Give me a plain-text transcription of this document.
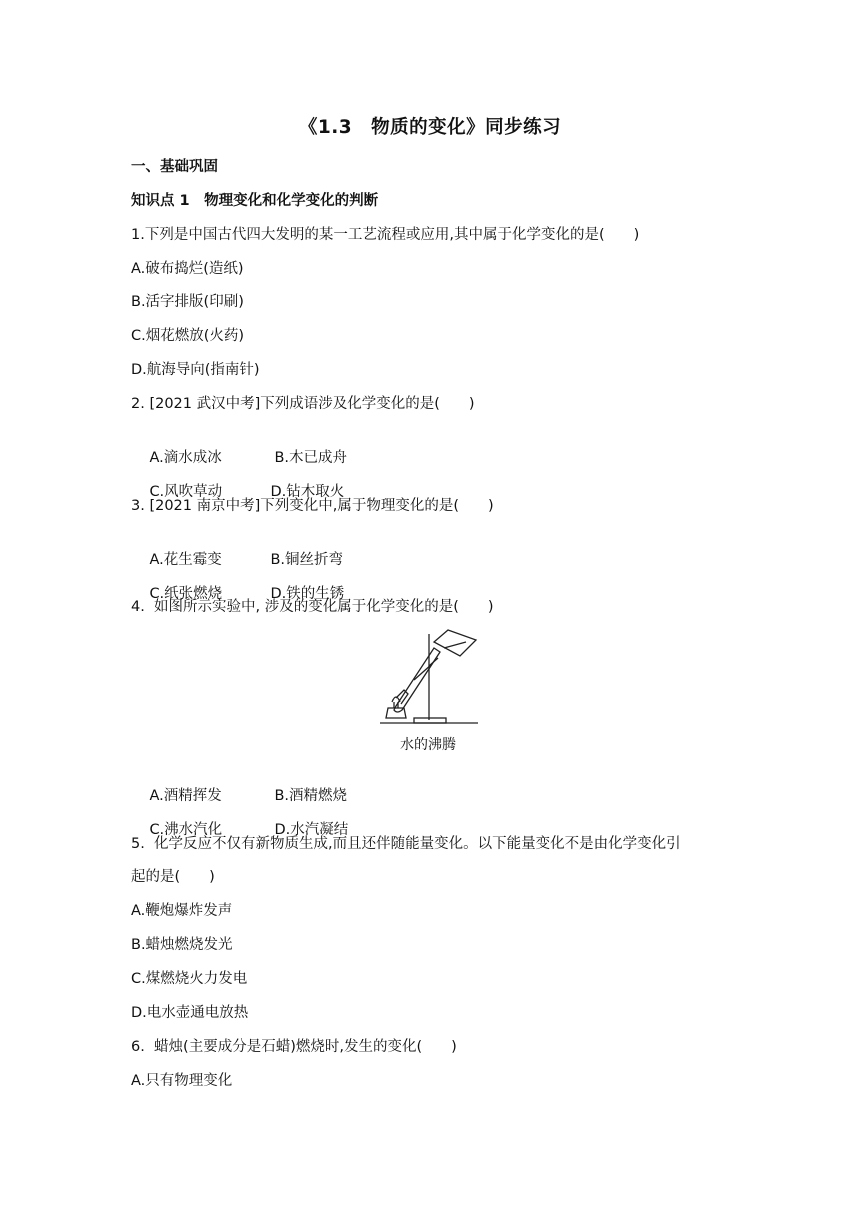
《1.3　物质的变化》同步练习
一、基础巩固
知识点 1　物理变化和化学变化的判断
1.下列是中国古代四大发明的某一工艺流程或应用,其中属于化学变化的是(　　)
A.破布捣烂(造纸)
B.活字排版(印刷)
C.烟花燃放(火药)
D.航海导向(指南针)
2. [2021 武汉中考]下列成语涉及化学变化的是(　　)

A.滴水成冰	B.木已成舟

C.风吹草动	D.钻木取火

3. [2021 南京中考]下列变化中,属于物理变化的是(　　)

A.花生霉变	B.铜丝折弯

C.纸张燃烧	D.铁的生锈

4.  如图所示实验中, 涉及的变化属于化学变化的是(　　)
水的沸腾

A.酒精挥发	B.酒精燃烧

C.沸水汽化	D.水汽凝结

5.  化学反应不仅有新物质生成,而且还伴随能量变化。以下能量变化不是由化学变化引
起的是(　　)
A.鞭炮爆炸发声
B.蜡烛燃烧发光
C.煤燃烧火力发电
D.电水壶通电放热
6.  蜡烛(主要成分是石蜡)燃烧时,发生的变化(　　)
A.只有物理变化
